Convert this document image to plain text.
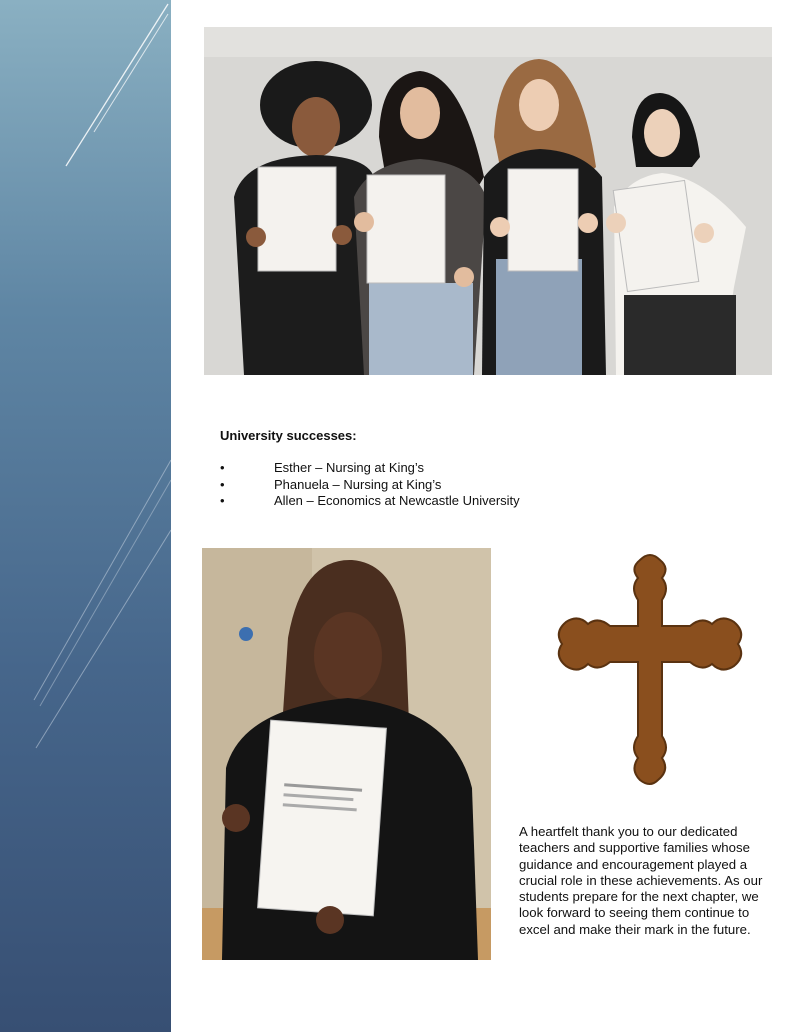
University successes:
•	Esther – Nursing at King’s
•	Phanuela – Nursing at King’s
•	Allen – Economics at Newcastle University
A heartfelt thank you to our dedicated teachers and supportive families whose guidance and encouragement played a crucial role in these achievements. As our students prepare for the next chapter, we look forward to seeing them continue to excel and make their mark in the future.
